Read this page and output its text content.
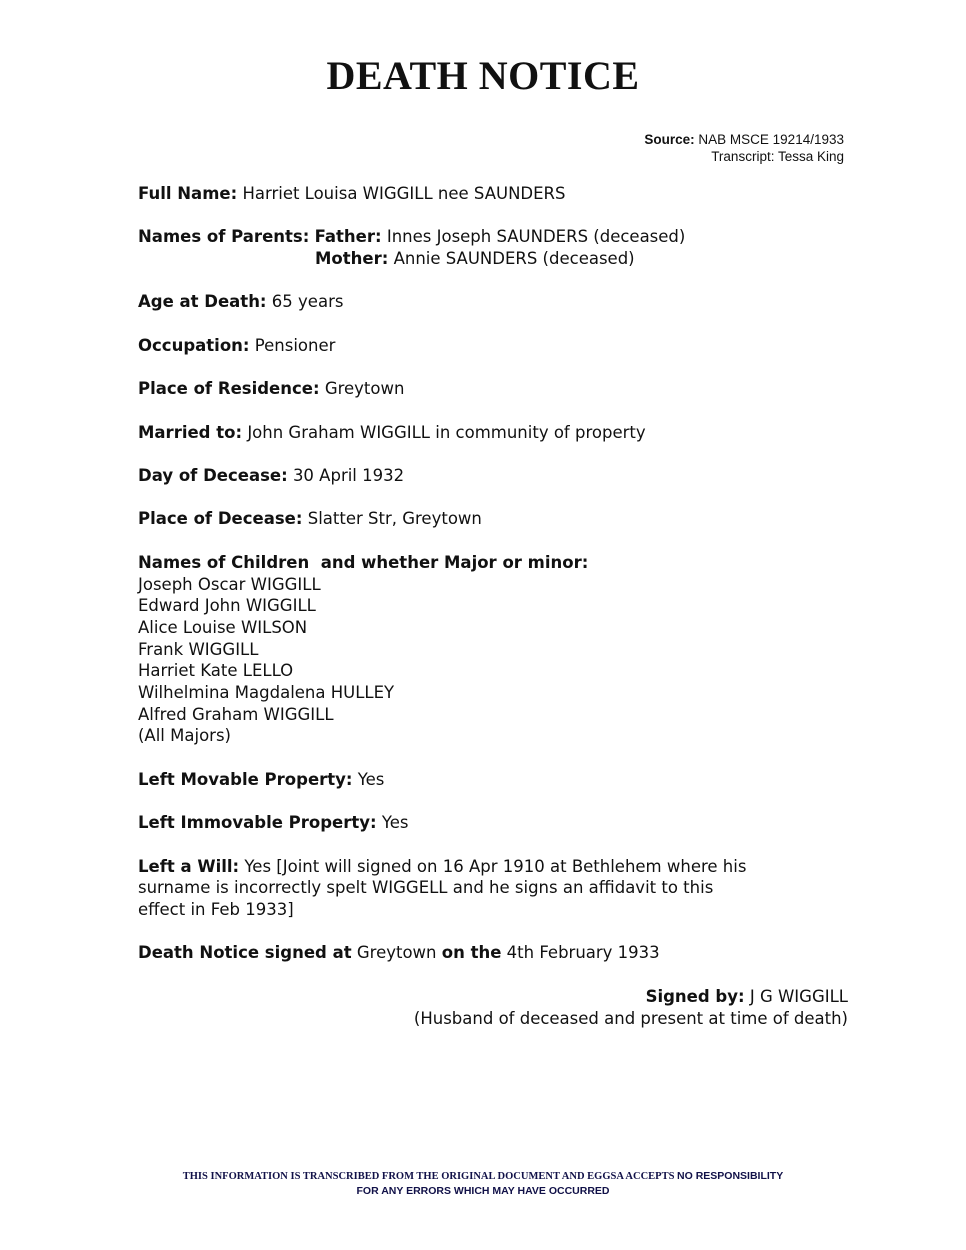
DEATH NOTICE
Source: NAB MSCE 19214/1933
Transcript: Tessa King
Full Name: Harriet Louisa WIGGILL nee SAUNDERS
Names of Parents: Father: Innes Joseph SAUNDERS (deceased)
Mother: Annie SAUNDERS (deceased)
Age at Death: 65 years
Occupation: Pensioner
Place of Residence: Greytown
Married to: John Graham WIGGILL in community of property
Day of Decease: 30 April 1932
Place of Decease: Slatter Str, Greytown
Names of Children  and whether Major or minor:
Joseph Oscar WIGGILL
Edward John WIGGILL
Alice Louise WILSON
Frank WIGGILL
Harriet Kate LELLO
Wilhelmina Magdalena HULLEY
Alfred Graham WIGGILL
(All Majors)
Left Movable Property: Yes
Left Immovable Property: Yes
Left a Will: Yes [Joint will signed on 16 Apr 1910 at Bethlehem where his
surname is incorrectly spelt WIGGELL and he signs an affidavit to this
effect in Feb 1933]
Death Notice signed at Greytown on the 4th February 1933
Signed by: J G WIGGILL
(Husband of deceased and present at time of death)
THIS INFORMATION IS TRANSCRIBED FROM THE ORIGINAL DOCUMENT AND EGGSA ACCEPTS NO RESPONSIBILITY
FOR ANY ERRORS WHICH MAY HAVE OCCURRED
